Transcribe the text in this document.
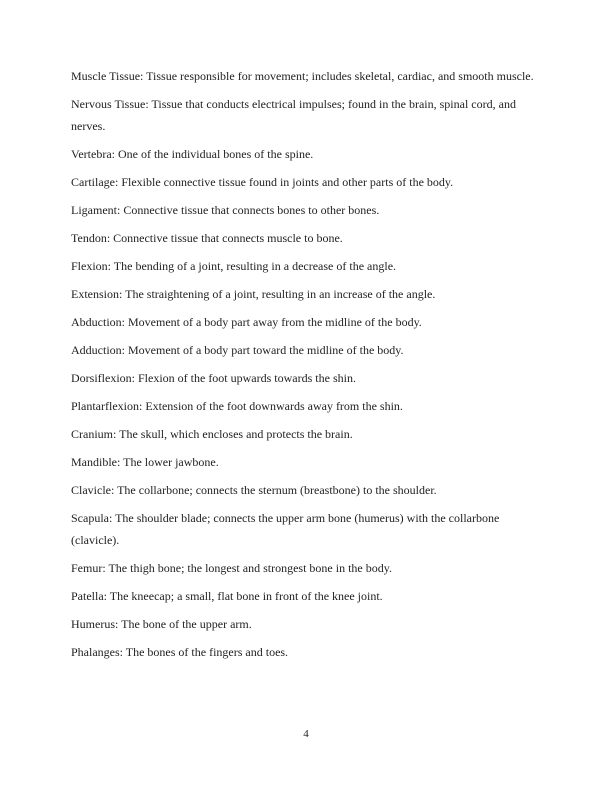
Muscle Tissue: Tissue responsible for movement; includes skeletal, cardiac, and smooth muscle.

Nervous Tissue: Tissue that conducts electrical impulses; found in the brain, spinal cord, and nerves.

Vertebra: One of the individual bones of the spine.

Cartilage: Flexible connective tissue found in joints and other parts of the body.

Ligament: Connective tissue that connects bones to other bones.

Tendon: Connective tissue that connects muscle to bone.

Flexion: The bending of a joint, resulting in a decrease of the angle.

Extension: The straightening of a joint, resulting in an increase of the angle.

Abduction: Movement of a body part away from the midline of the body.

Adduction: Movement of a body part toward the midline of the body.

Dorsiflexion: Flexion of the foot upwards towards the shin.

Plantarflexion: Extension of the foot downwards away from the shin.

Cranium: The skull, which encloses and protects the brain.

Mandible: The lower jawbone.

Clavicle: The collarbone; connects the sternum (breastbone) to the shoulder.

Scapula: The shoulder blade; connects the upper arm bone (humerus) with the collarbone (clavicle).

Femur: The thigh bone; the longest and strongest bone in the body.

Patella: The kneecap; a small, flat bone in front of the knee joint.

Humerus: The bone of the upper arm.

Phalanges: The bones of the fingers and toes.

4
